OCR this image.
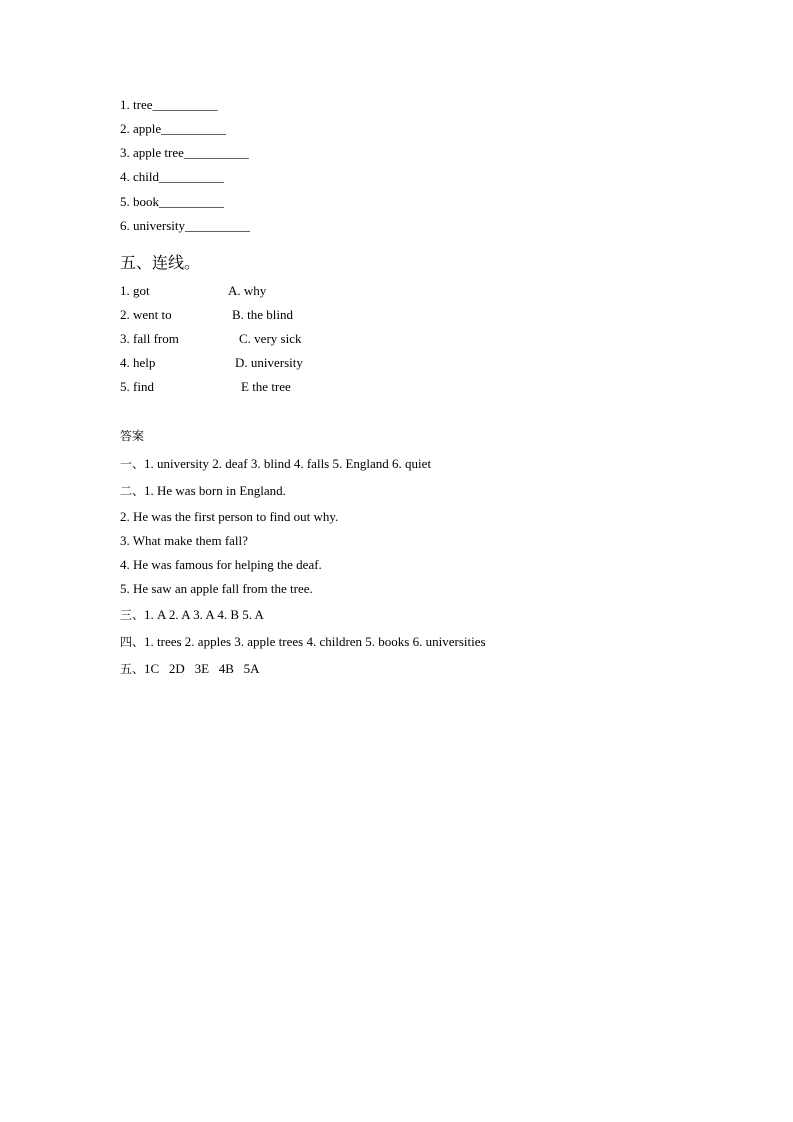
1. tree__________
2. apple__________
3. apple tree__________
4. child__________
5. book__________
6. university__________
五、连线。
1. got	A. why
2. went to	B. the blind
3. fall from	C. very sick
4. help	D. university
5. find	E the tree
答案
一、1. university 2. deaf 3. blind 4. falls 5. England 6. quiet
二、1. He was born in England.
2. He was the first person to find out why.
3. What make them fall?
4. He was famous for helping the deaf.
5. He saw an apple fall from the tree.
三、1. A 2. A 3. A 4. B 5. A
四、1. trees 2. apples 3. apple trees 4. children 5. books 6. universities
五、1C   2D   3E   4B   5A
